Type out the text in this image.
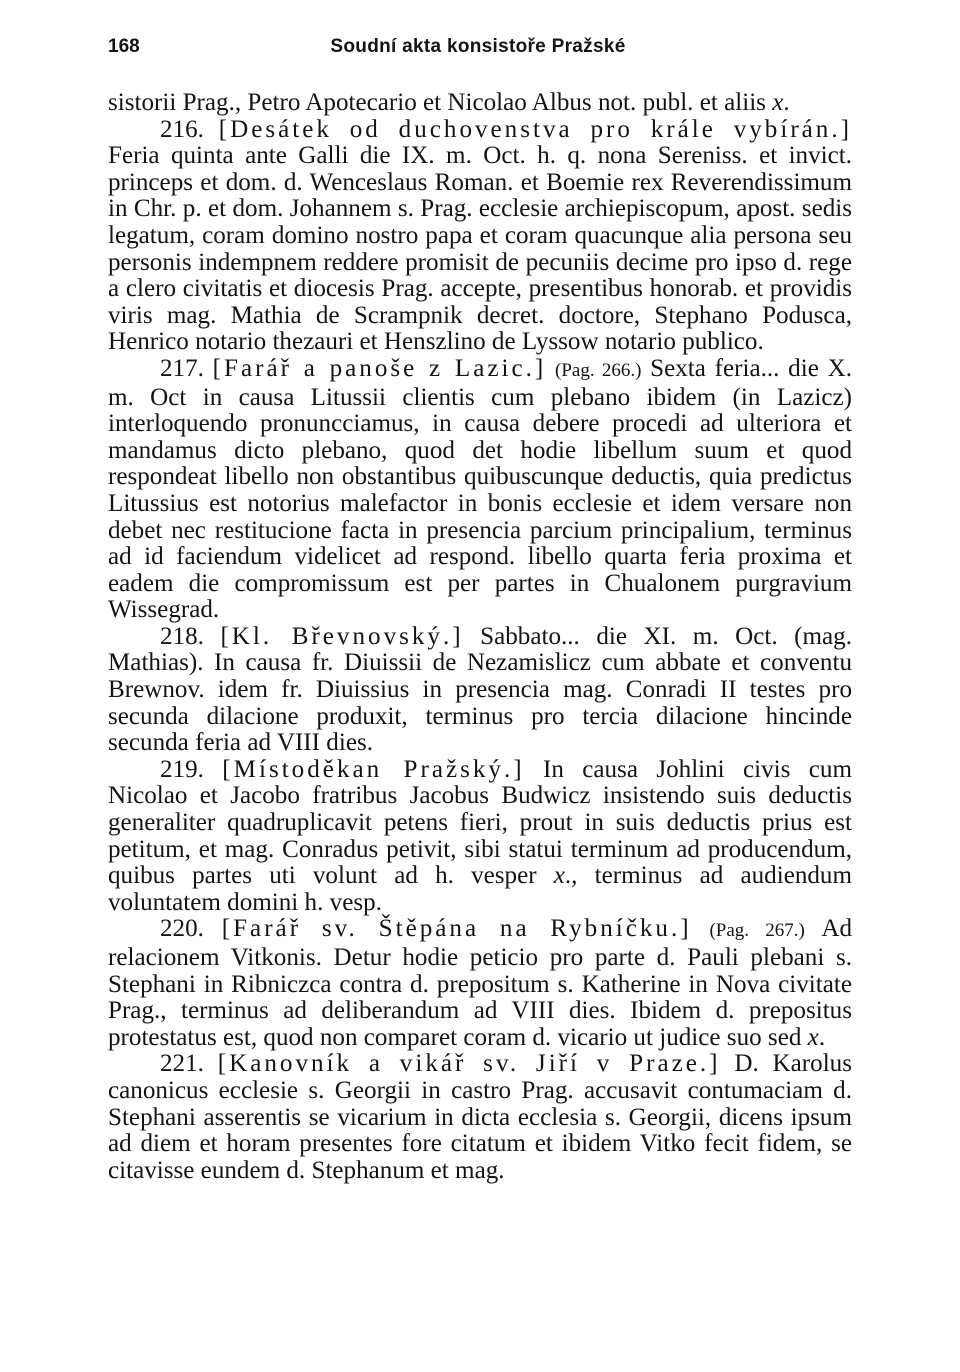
168	Soudní akta konsistoře Pražské

sistorii Prag., Petro Apotecario et Nicolao Albus not. publ. et aliis x.

216. [Desátek od duchovenstva pro krále vybírán.] Feria quinta ante Galli die IX. m. Oct. h. q. nona Sereniss. et invict. princeps et dom. d. Wenceslaus Roman. et Boemie rex Reverendissimum in Chr. p. et dom. Johannem s. Prag. ecclesie archiepiscopum, apost. sedis legatum, coram domino nostro papa et coram quacunque alia persona seu personis indempnem reddere promisit de pecuniis decime pro ipso d. rege a clero civitatis et diocesis Prag. accepte, presentibus honorab. et providis viris mag. Mathia de Scrampnik decret. doctore, Stephano Podusca, Henrico notario thezauri et Henszlino de Lyssow notario publico.

217. [Farář a panoše z Lazic.] (Pag. 266.) Sexta feria... die X. m. Oct in causa Litussii clientis cum plebano ibidem (in Lazicz) interloquendo pronuncciamus, in causa debere procedi ad ulteriora et mandamus dicto plebano, quod det hodie libellum suum et quod respondeat libello non obstantibus quibuscunque deductis, quia predictus Litussius est notorius malefactor in bonis ecclesie et idem versare non debet nec restitucione facta in presencia parcium principalium, terminus ad id faciendum videlicet ad respond. libello quarta feria proxima et eadem die compromissum est per partes in Chualonem purgravium Wissegrad.

218. [Kl. Břevnovský.] Sabbato... die XI. m. Oct. (mag. Mathias). In causa fr. Diuissii de Nezamislicz cum abbate et conventu Brewnov. idem fr. Diuissius in presencia mag. Conradi II testes pro secunda dilacione produxit, terminus pro tercia dilacione hincinde secunda feria ad VIII dies.

219. [Místoděkan Pražský.] In causa Johlini civis cum Nicolao et Jacobo fratribus Jacobus Budwicz insistendo suis deductis generaliter quadruplicavit petens fieri, prout in suis deductis prius est petitum, et mag. Conradus petivit, sibi statui terminum ad producendum, quibus partes uti volunt ad h. vesper x., terminus ad audiendum voluntatem domini h. vesp.

220. [Farář sv. Štěpána na Rybníčku.] (Pag. 267.) Ad relacionem Vitkonis. Detur hodie peticio pro parte d. Pauli plebani s. Stephani in Ribniczca contra d. prepositum s. Katherine in Nova civitate Prag., terminus ad deliberandum ad VIII dies. Ibidem d. prepositus protestatus est, quod non comparet coram d. vicario ut judice suo sed x.

221. [Kanovník a vikář sv. Jiří v Praze.] D. Karolus canonicus ecclesie s. Georgii in castro Prag. accusavit contumaciam d. Stephani asserentis se vicarium in dicta ecclesia s. Georgii, dicens ipsum ad diem et horam presentes fore citatum et ibidem Vitko fecit fidem, se citavisse eundem d. Stephanum et mag.
